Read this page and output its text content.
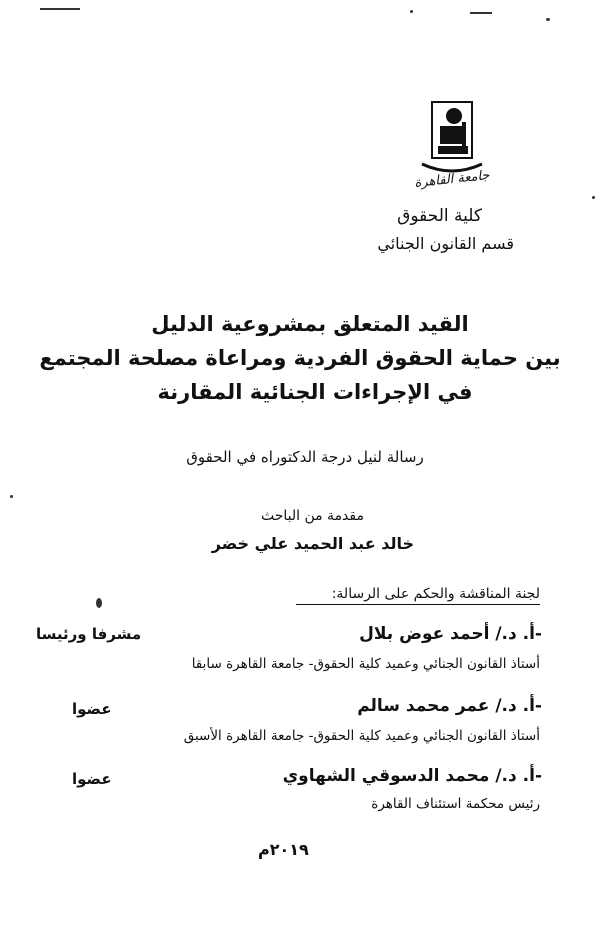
جامعة القاهرة
كلية الحقوق
قسم القانون الجنائي
القيد المتعلق بمشروعية الدليل
بين حماية الحقوق الفردية ومراعاة مصلحة المجتمع
في الإجراءات الجنائية المقارنة
رسالة لنيل درجة الدكتوراه في الحقوق
مقدمة من الباحث
خالد عبد الحميد علي خضر
لجنة المناقشة والحكم على الرسالة:
-أ. د./ أحمد عوض بلال
مشرفا ورئيسا
أستاذ القانون الجنائي وعميد كلية الحقوق- جامعة القاهرة سابقا
-أ. د./ عمر محمد سالم
عضوا
أستاذ القانون الجنائي وعميد كلية الحقوق- جامعة القاهرة الأسبق
-أ. د./ محمد الدسوقي الشهاوي
عضوا
رئيس محكمة استئناف القاهرة
٢٠١٩م
